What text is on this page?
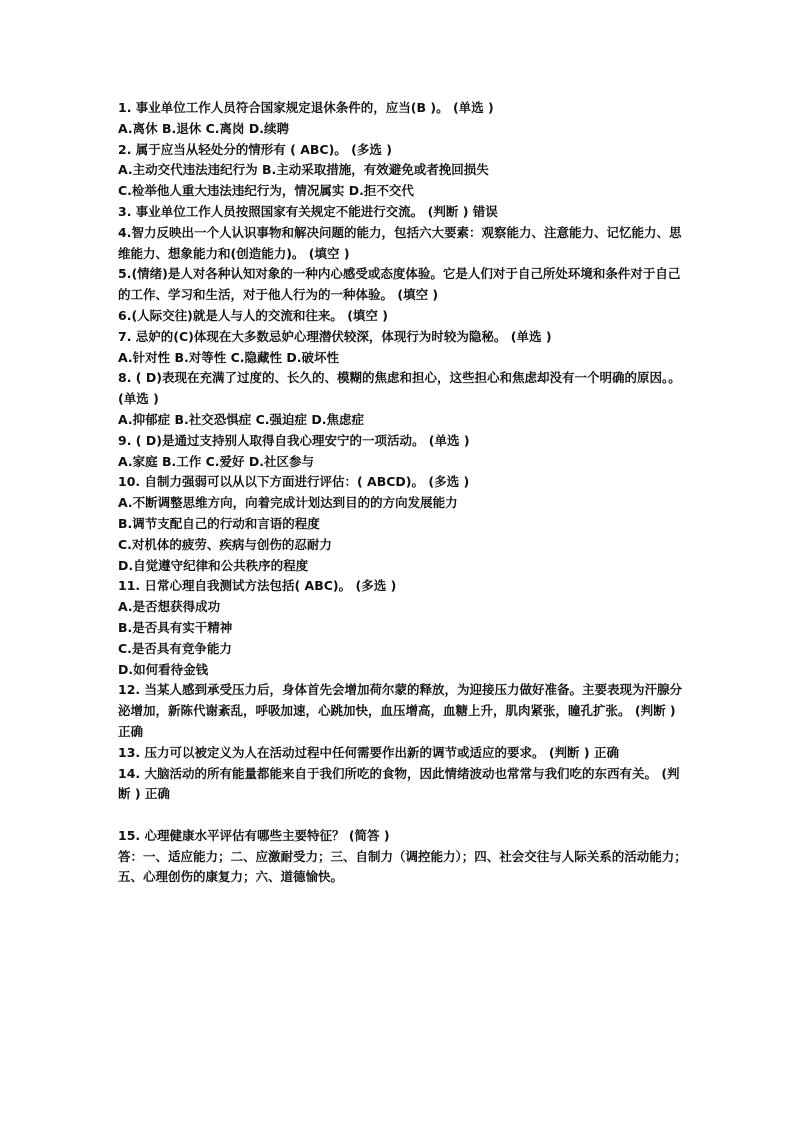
1. 事业单位工作人员符合国家规定退休条件的，应当(B )。 (单选 )
A.离休 B.退休 C.离岗 D.续聘
2. 属于应当从轻处分的情形有 ( ABC)。 (多选 )
A.主动交代违法违纪行为 B.主动采取措施，有效避免或者挽回损失
C.检举他人重大违法违纪行为，情况属实 D.拒不交代
3. 事业单位工作人员按照国家有关规定不能进行交流。 (判断 ) 错误
4.智力反映出一个人认识事物和解决问题的能力，包括六大要素：观察能力、注意能力、记忆能力、思维能力、想象能力和(创造能力)。 (填空 )
5.(情绪)是人对各种认知对象的一种内心感受或态度体验。它是人们对于自己所处环境和条件对于自己的工作、学习和生活，对于他人行为的一种体验。 (填空 )
6.(人际交往)就是人与人的交流和往来。 (填空 )
7. 忌妒的(C)体现在大多数忌妒心理潜伏较深，体现行为时较为隐秘。 (单选 )
A.针对性 B.对等性 C.隐藏性 D.破坏性
8. ( D)表现在充满了过度的、长久的、模糊的焦虑和担心，这些担心和焦虑却没有一个明确的原因。。 (单选 )
A.抑郁症 B.社交恐惧症 C.强迫症 D.焦虑症
9. ( D)是通过支持别人取得自我心理安宁的一项活动。 (单选 )
A.家庭 B.工作 C.爱好 D.社区参与
10. 自制力强弱可以从以下方面进行评估：( ABCD)。 (多选 )
A.不断调整思维方向，向着完成计划达到目的的方向发展能力
B.调节支配自己的行动和言语的程度
C.对机体的疲劳、疾病与创伤的忍耐力
D.自觉遵守纪律和公共秩序的程度
11. 日常心理自我测试方法包括( ABC)。 (多选 )
A.是否想获得成功
B.是否具有实干精神
C.是否具有竞争能力
D.如何看待金钱
12. 当某人感到承受压力后，身体首先会增加荷尔蒙的释放，为迎接压力做好准备。主要表现为汗腺分泌增加，新陈代谢紊乱，呼吸加速，心跳加快，血压增高，血糖上升，肌肉紧张，瞳孔扩张。 (判断 ) 正确
13. 压力可以被定义为人在活动过程中任何需要作出新的调节或适应的要求。 (判断 ) 正确
14. 大脑活动的所有能量都能来自于我们所吃的食物，因此情绪波动也常常与我们吃的东西有关。 (判断 ) 正确
15. 心理健康水平评估有哪些主要特征？ (简答 )
答：一、适应能力；二、应激耐受力；三、自制力（调控能力）；四、社会交往与人际关系的活动能力；五、心理创伤的康复力；六、道德愉快。
